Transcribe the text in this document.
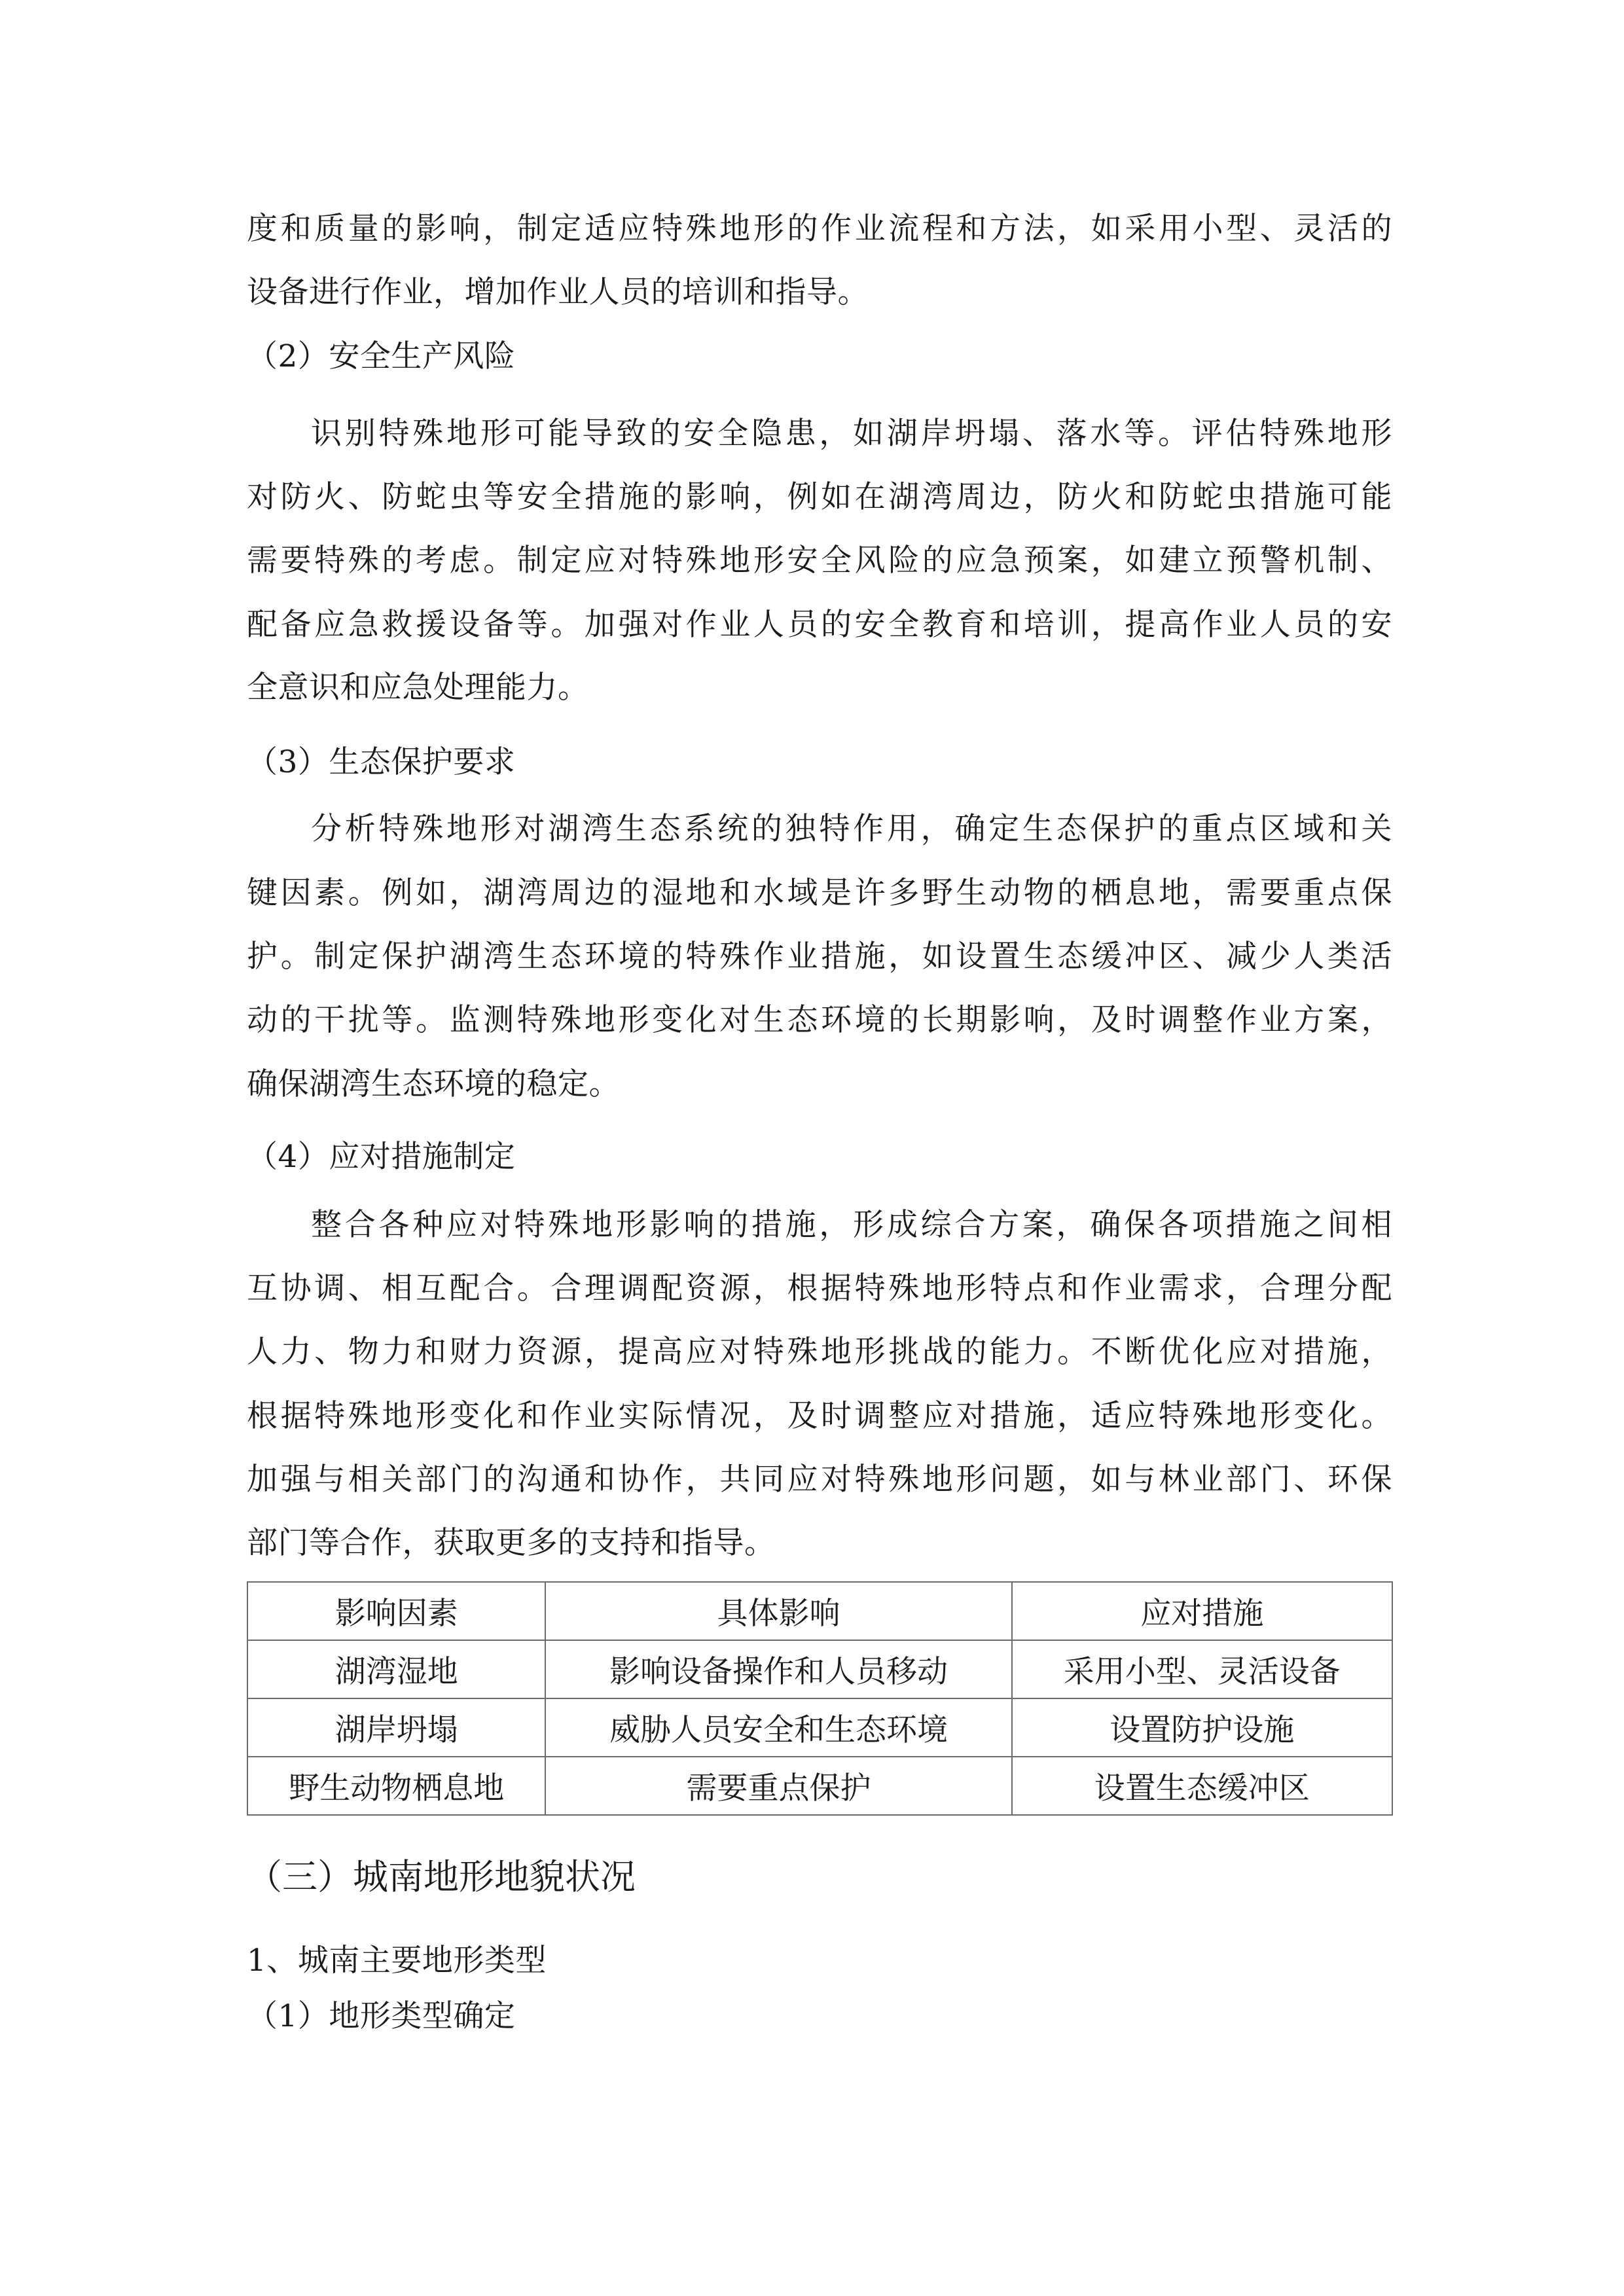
度和质量的影响，制定适应特殊地形的作业流程和方法，如采用小型、灵活的
设备进行作业，增加作业人员的培训和指导。
（2）安全生产风险
识别特殊地形可能导致的安全隐患，如湖岸坍塌、落水等。评估特殊地形
对防火、防蛇虫等安全措施的影响，例如在湖湾周边，防火和防蛇虫措施可能
需要特殊的考虑。制定应对特殊地形安全风险的应急预案，如建立预警机制、
配备应急救援设备等。加强对作业人员的安全教育和培训，提高作业人员的安
全意识和应急处理能力。
（3）生态保护要求
分析特殊地形对湖湾生态系统的独特作用，确定生态保护的重点区域和关
键因素。例如，湖湾周边的湿地和水域是许多野生动物的栖息地，需要重点保
护。制定保护湖湾生态环境的特殊作业措施，如设置生态缓冲区、减少人类活
动的干扰等。监测特殊地形变化对生态环境的长期影响，及时调整作业方案，
确保湖湾生态环境的稳定。
（4）应对措施制定
整合各种应对特殊地形影响的措施，形成综合方案，确保各项措施之间相
互协调、相互配合。合理调配资源，根据特殊地形特点和作业需求，合理分配
人力、物力和财力资源，提高应对特殊地形挑战的能力。不断优化应对措施，
根据特殊地形变化和作业实际情况，及时调整应对措施，适应特殊地形变化。
加强与相关部门的沟通和协作，共同应对特殊地形问题，如与林业部门、环保
部门等合作，获取更多的支持和指导。
影响因素	具体影响	应对措施
湖湾湿地	影响设备操作和人员移动	采用小型、灵活设备
湖岸坍塌	威胁人员安全和生态环境	设置防护设施
野生动物栖息地	需要重点保护	设置生态缓冲区
（三）城南地形地貌状况
1、城南主要地形类型
（1）地形类型确定
